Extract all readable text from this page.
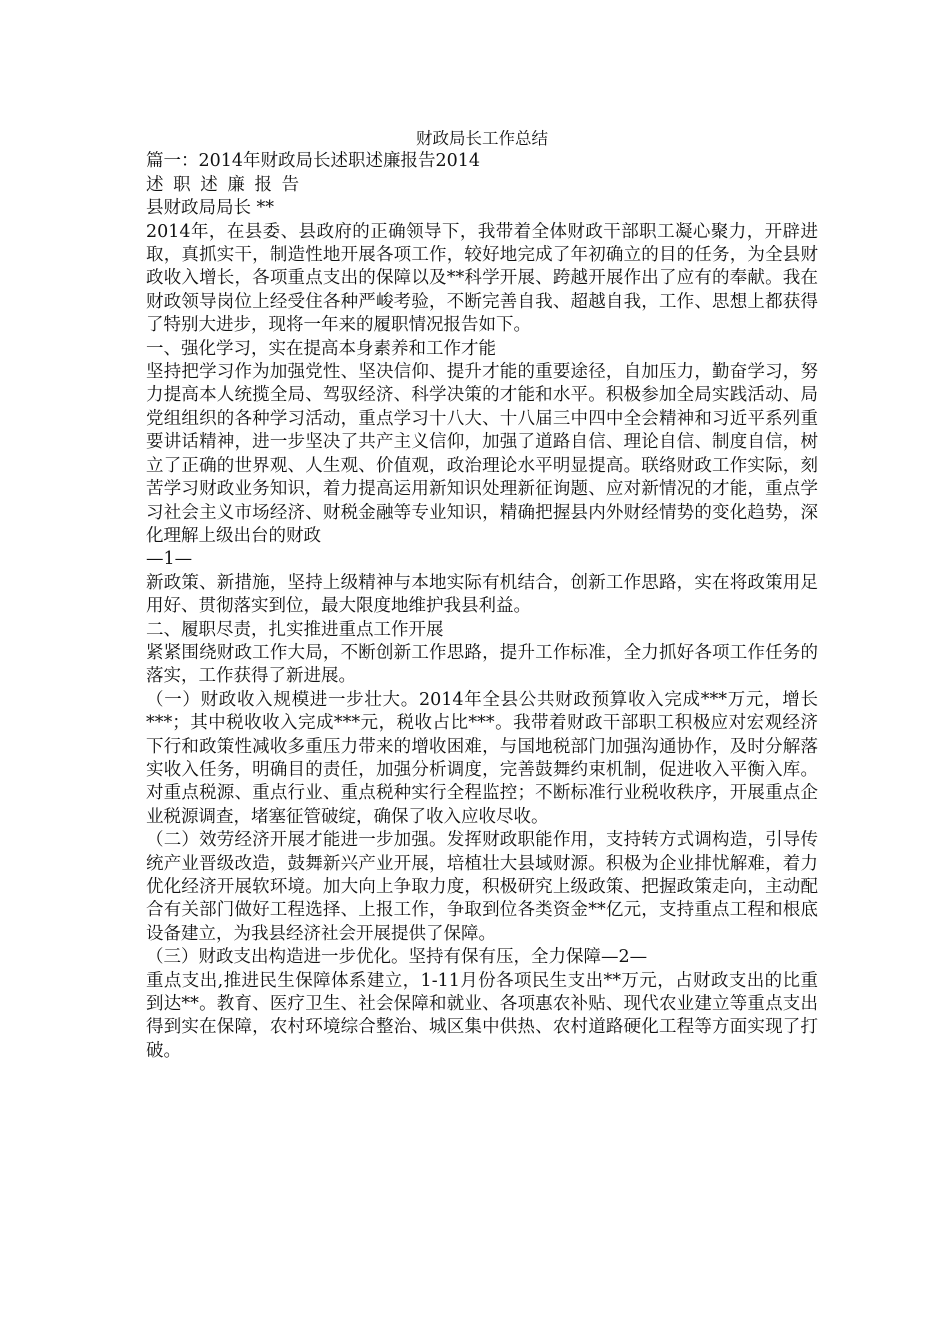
财政局长工作总结

篇一：2014年财政局长述职述廉报告2014

述职述廉报告

县财政局局长 **

2014年，在县委、县政府的正确领导下，我带着全体财政干部职工凝心聚力，开辟进取，真抓实干，制造性地开展各项工作，较好地完成了年初确立的目的任务，为全县财政收入增长，各项重点支出的保障以及**科学开展、跨越开展作出了应有的奉献。我在财政领导岗位上经受住各种严峻考验，不断完善自我、超越自我，工作、思想上都获得了特别大进步，现将一年来的履职情况报告如下。

一、强化学习，实在提高本身素养和工作才能

坚持把学习作为加强党性、坚决信仰、提升才能的重要途径，自加压力，勤奋学习，努力提高本人统揽全局、驾驭经济、科学决策的才能和水平。积极参加全局实践活动、局党组组织的各种学习活动，重点学习十八大、十八届三中四中全会精神和习近平系列重要讲话精神，进一步坚决了共产主义信仰，加强了道路自信、理论自信、制度自信，树立了正确的世界观、人生观、价值观，政治理论水平明显提高。联络财政工作实际，刻苦学习财政业务知识，着力提高运用新知识处理新征询题、应对新情况的才能，重点学习社会主义市场经济、财税金融等专业知识，精确把握县内外财经情势的变化趋势，深化理解上级出台的财政

—1—

新政策、新措施，坚持上级精神与本地实际有机结合，创新工作思路，实在将政策用足用好、贯彻落实到位，最大限度地维护我县利益。

二、履职尽责，扎实推进重点工作开展

紧紧围绕财政工作大局，不断创新工作思路，提升工作标准，全力抓好各项工作任务的落实，工作获得了新进展。

（一）财政收入规模进一步壮大。2014年全县公共财政预算收入完成***万元，增长***；其中税收收入完成***元，税收占比***。我带着财政干部职工积极应对宏观经济下行和政策性减收多重压力带来的增收困难，与国地税部门加强沟通协作，及时分解落实收入任务，明确目的责任，加强分析调度，完善鼓舞约束机制，促进收入平衡入库。对重点税源、重点行业、重点税种实行全程监控；不断标准行业税收秩序，开展重点企业税源调查，堵塞征管破绽，确保了收入应收尽收。

（二）效劳经济开展才能进一步加强。发挥财政职能作用，支持转方式调构造，引导传统产业晋级改造，鼓舞新兴产业开展，培植壮大县域财源。积极为企业排忧解难，着力优化经济开展软环境。加大向上争取力度，积极研究上级政策、把握政策走向，主动配合有关部门做好工程选择、上报工作，争取到位各类资金**亿元，支持重点工程和根底设备建立，为我县经济社会开展提供了保障。

（三）财政支出构造进一步优化。坚持有保有压，全力保障—2—

重点支出,推进民生保障体系建立，1-11月份各项民生支出**万元，占财政支出的比重到达**。教育、医疗卫生、社会保障和就业、各项惠农补贴、现代农业建立等重点支出得到实在保障，农村环境综合整治、城区集中供热、农村道路硬化工程等方面实现了打破。
